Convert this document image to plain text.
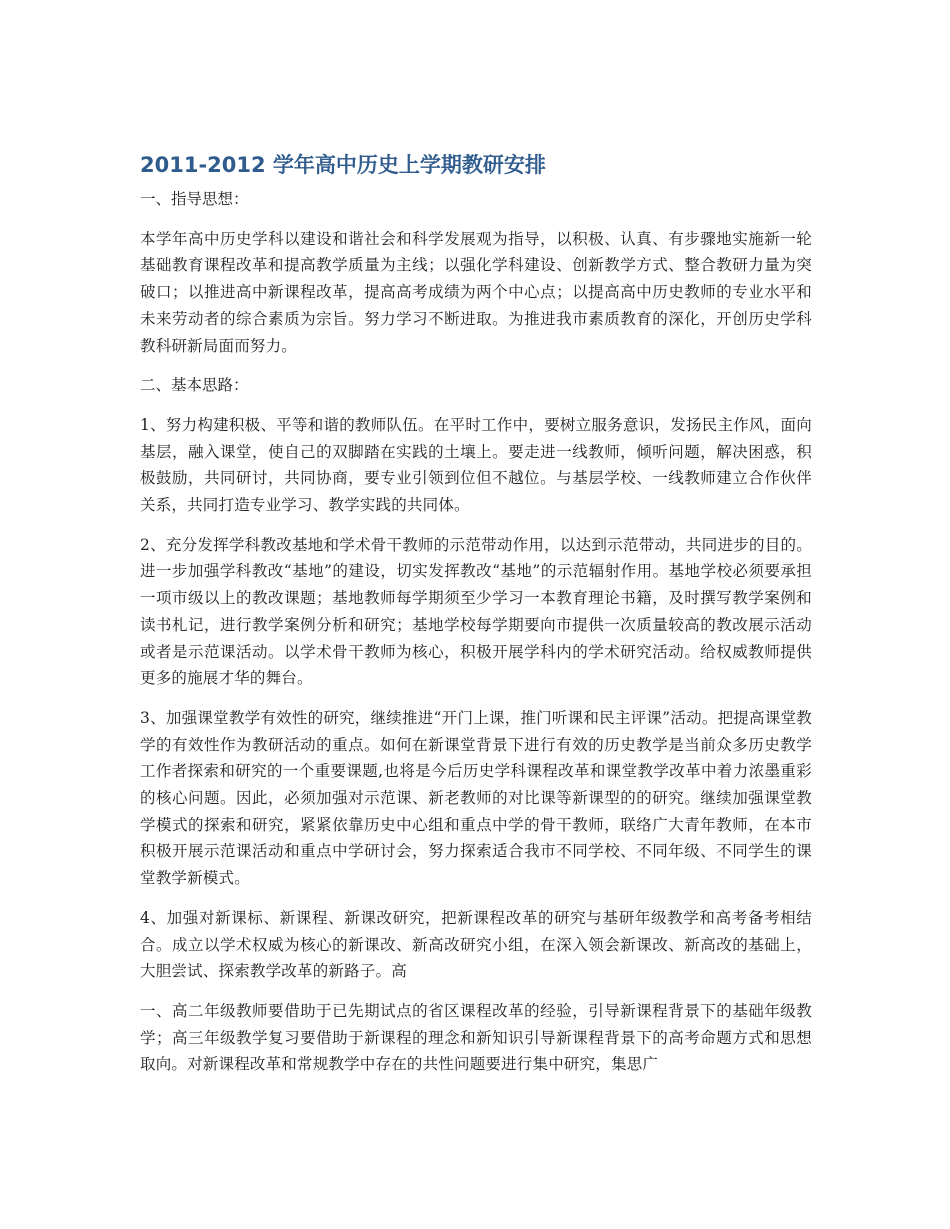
2011-2012 学年高中历史上学期教研安排

一、指导思想：

本学年高中历史学科以建设和谐社会和科学发展观为指导，以积极、认真、有步骤地实施新一轮基础教育课程改革和提高教学质量为主线；以强化学科建设、创新教学方式、整合教研力量为突破口；以推进高中新课程改革，提高高考成绩为两个中心点；以提高高中历史教师的专业水平和未来劳动者的综合素质为宗旨。努力学习不断进取。为推进我市素质教育的深化，开创历史学科教科研新局面而努力。

二、基本思路：

1、努力构建积极、平等和谐的教师队伍。在平时工作中，要树立服务意识，发扬民主作风，面向基层，融入课堂，使自己的双脚踏在实践的土壤上。要走进一线教师，倾听问题，解决困惑，积极鼓励，共同研讨，共同协商，要专业引领到位但不越位。与基层学校、一线教师建立合作伙伴关系，共同打造专业学习、教学实践的共同体。

2、充分发挥学科教改基地和学术骨干教师的示范带动作用，以达到示范带动，共同进步的目的。进一步加强学科教改“基地”的建设，切实发挥教改“基地”的示范辐射作用。基地学校必须要承担一项市级以上的教改课题；基地教师每学期须至少学习一本教育理论书籍，及时撰写教学案例和读书札记，进行教学案例分析和研究；基地学校每学期要向市提供一次质量较高的教改展示活动或者是示范课活动。以学术骨干教师为核心，积极开展学科内的学术研究活动。给权威教师提供更多的施展才华的舞台。

3、加强课堂教学有效性的研究，继续推进“开门上课，推门听课和民主评课”活动。把提高课堂教学的有效性作为教研活动的重点。如何在新课堂背景下进行有效的历史教学是当前众多历史教学工作者探索和研究的一个重要课题,也将是今后历史学科课程改革和课堂教学改革中着力浓墨重彩的核心问题。因此，必须加强对示范课、新老教师的对比课等新课型的的研究。继续加强课堂教学模式的探索和研究，紧紧依靠历史中心组和重点中学的骨干教师，联络广大青年教师，在本市积极开展示范课活动和重点中学研讨会，努力探索适合我市不同学校、不同年级、不同学生的课堂教学新模式。

4、加强对新课标、新课程、新课改研究，把新课程改革的研究与基研年级教学和高考备考相结合。成立以学术权威为核心的新课改、新高改研究小组，在深入领会新课改、新高改的基础上，大胆尝试、探索教学改革的新路子。高

一、高二年级教师要借助于已先期试点的省区课程改革的经验，引导新课程背景下的基础年级教学；高三年级教学复习要借助于新课程的理念和新知识引导新课程背景下的高考命题方式和思想取向。对新课程改革和常规教学中存在的共性问题要进行集中研究，集思广
